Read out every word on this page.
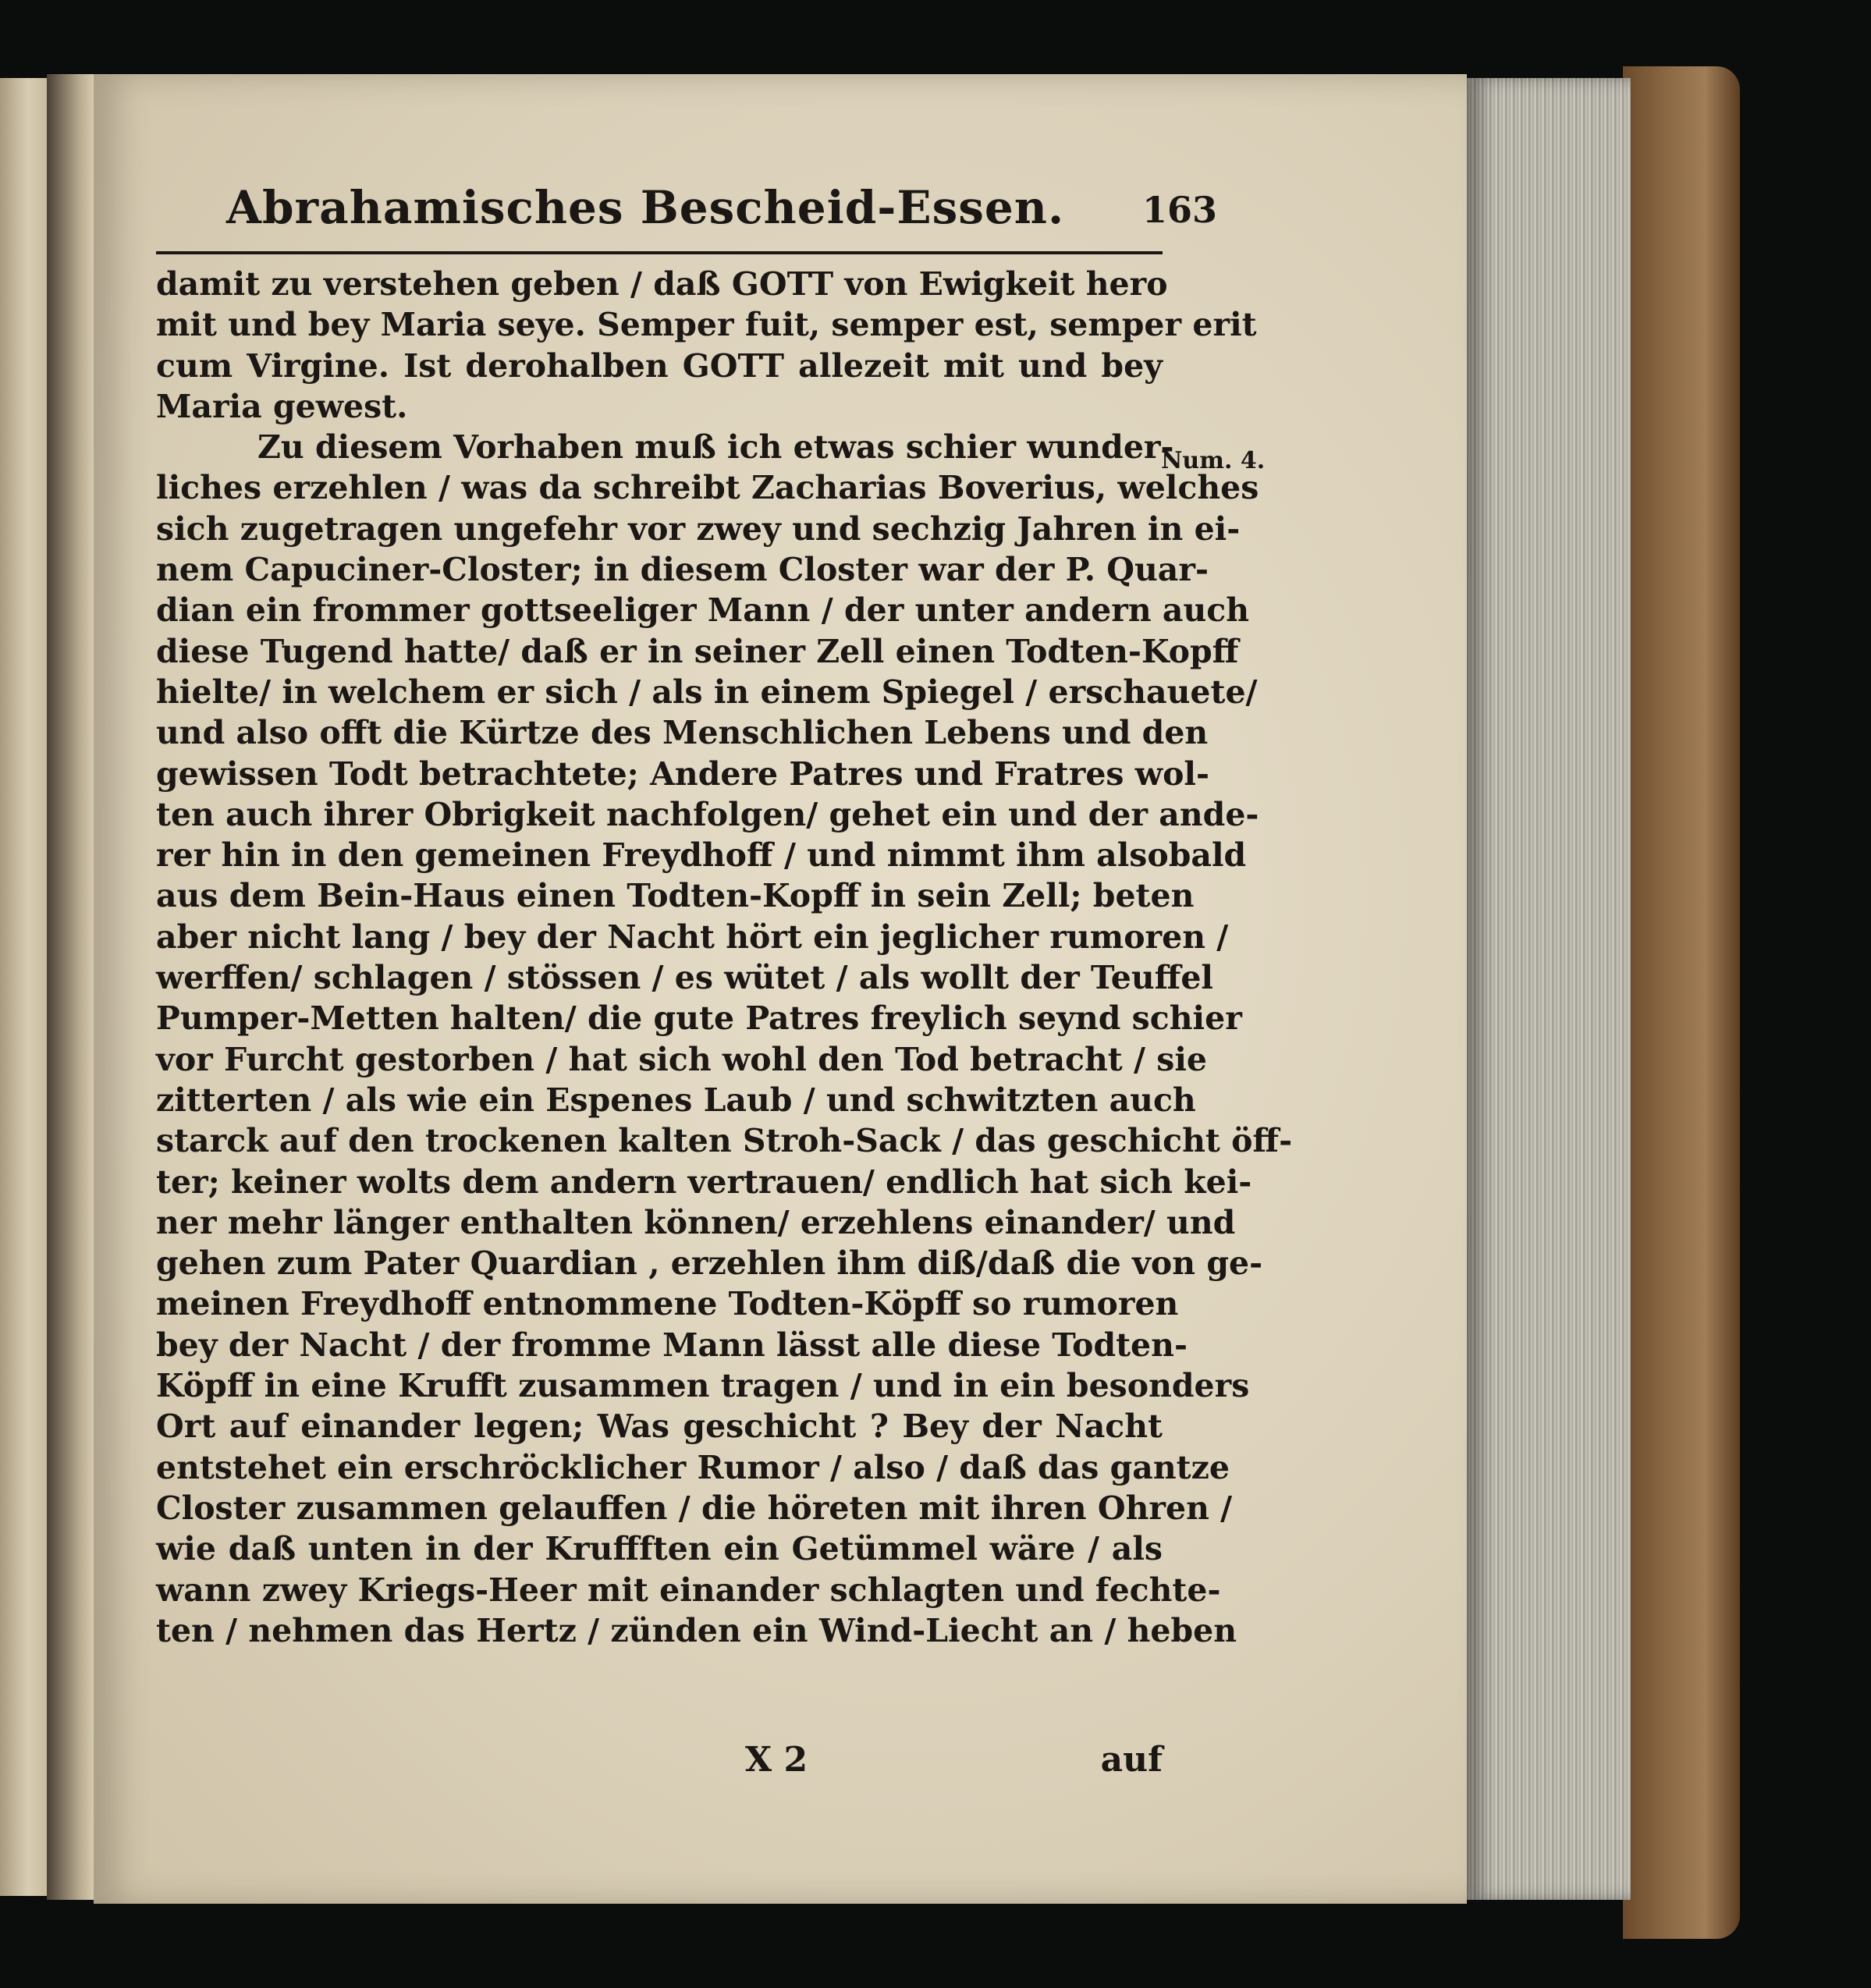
Abrahamisches Bescheid-Essen. 163
damit zu verstehen geben / daß GOTT von Ewigkeit hero
mit und bey Maria seye. Semper fuit, semper est, semper erit
cum Virgine. Ist derohalben GOTT allezeit mit und bey
Maria gewest.
Zu diesem Vorhaben muß ich etwas schier wunder-
liches erzehlen / was da schreibt Zacharias Boverius, welches
sich zugetragen ungefehr vor zwey und sechzig Jahren in ei-
nem Capuciner-Closter; in diesem Closter war der P. Quar-
dian ein frommer gottseeliger Mann / der unter andern auch
diese Tugend hatte/ daß er in seiner Zell einen Todten-Kopff
hielte/ in welchem er sich / als in einem Spiegel / erschauete/
und also offt die Kürtze des Menschlichen Lebens und den
gewissen Todt betrachtete; Andere Patres und Fratres wol-
ten auch ihrer Obrigkeit nachfolgen/ gehet ein und der ande-
rer hin in den gemeinen Freydhoff / und nimmt ihm alsobald
aus dem Bein-Haus einen Todten-Kopff in sein Zell; beten
aber nicht lang / bey der Nacht hört ein jeglicher rumoren /
werffen/ schlagen / stössen / es wütet / als wollt der Teuffel
Pumper-Metten halten/ die gute Patres freylich seynd schier
vor Furcht gestorben / hat sich wohl den Tod betracht / sie
zitterten / als wie ein Espenes Laub / und schwitzten auch
starck auf den trockenen kalten Stroh-Sack / das geschicht öff-
ter; keiner wolts dem andern vertrauen/ endlich hat sich kei-
ner mehr länger enthalten können/ erzehlens einander/ und
gehen zum Pater Quardian , erzehlen ihm diß/daß die von ge-
meinen Freydhoff entnommene Todten-Köpff so rumoren
bey der Nacht / der fromme Mann lässt alle diese Todten-
Köpff in eine Krufft zusammen tragen / und in ein besonders
Ort auf einander legen; Was geschicht ? Bey der Nacht
entstehet ein erschröcklicher Rumor / also / daß das gantze
Closter zusammen gelauffen / die höreten mit ihren Ohren /
wie daß unten in der Kruffften ein Getümmel wäre / als
wann zwey Kriegs-Heer mit einander schlagten und fechte-
ten / nehmen das Hertz / zünden ein Wind-Liecht an / heben
Num. 4.
X 2	auf
